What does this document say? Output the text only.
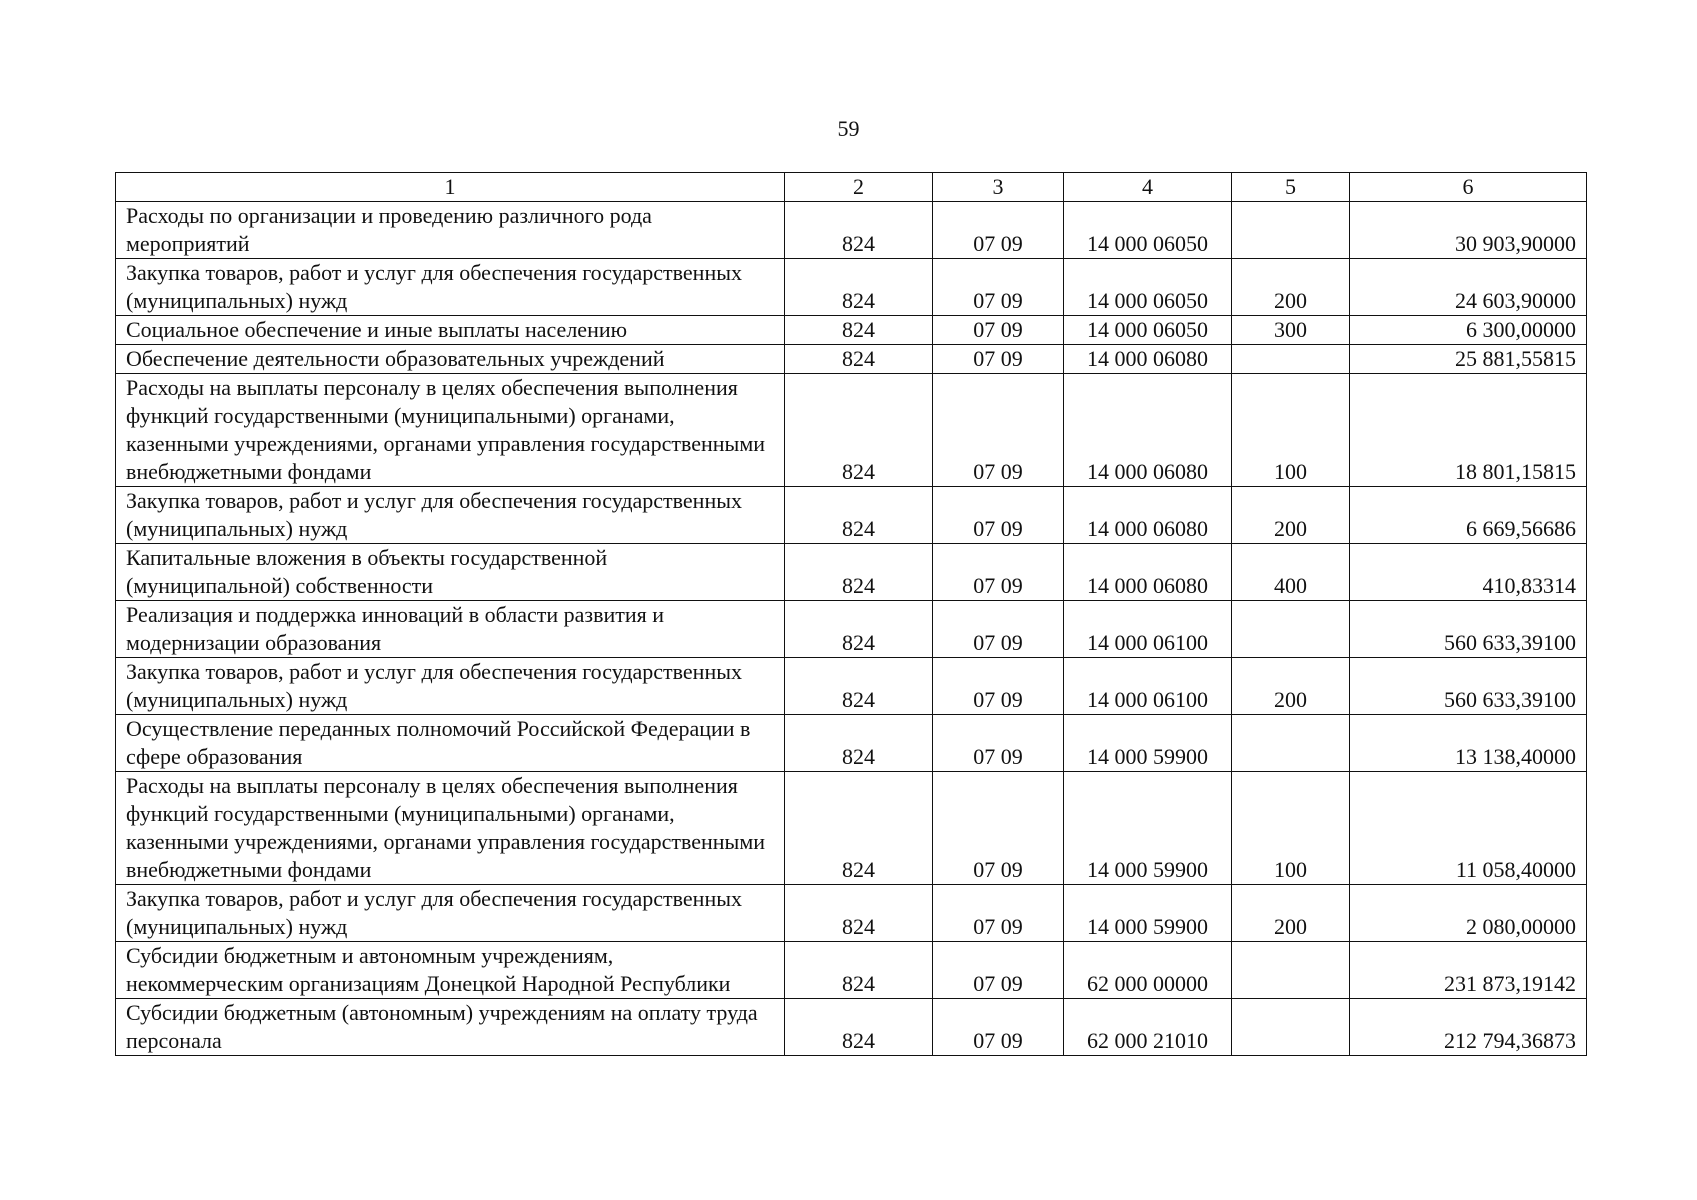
59
1	2	3	4	5	6
Расходы по организации и проведению различного рода мероприятий	824	07 09	14 000 06050		30 903,90000
Закупка товаров, работ и услуг для обеспечения государственных (муниципальных) нужд	824	07 09	14 000 06050	200	24 603,90000
Социальное обеспечение и иные выплаты населению	824	07 09	14 000 06050	300	6 300,00000
Обеспечение деятельности образовательных учреждений	824	07 09	14 000 06080		25 881,55815
Расходы на выплаты персоналу в целях обеспечения выполнения функций государственными (муниципальными) органами, казенными учреждениями, органами управления государственными внебюджетными фондами	824	07 09	14 000 06080	100	18 801,15815
Закупка товаров, работ и услуг для обеспечения государственных (муниципальных) нужд	824	07 09	14 000 06080	200	6 669,56686
Капитальные вложения в объекты государственной (муниципальной) собственности	824	07 09	14 000 06080	400	410,83314
Реализация и поддержка инноваций в области развития и модернизации образования	824	07 09	14 000 06100		560 633,39100
Закупка товаров, работ и услуг для обеспечения государственных (муниципальных) нужд	824	07 09	14 000 06100	200	560 633,39100
Осуществление переданных полномочий Российской Федерации в сфере образования	824	07 09	14 000 59900		13 138,40000
Расходы на выплаты персоналу в целях обеспечения выполнения функций государственными (муниципальными) органами, казенными учреждениями, органами управления государственными внебюджетными фондами	824	07 09	14 000 59900	100	11 058,40000
Закупка товаров, работ и услуг для обеспечения государственных (муниципальных) нужд	824	07 09	14 000 59900	200	2 080,00000
Субсидии бюджетным и автономным учреждениям, некоммерческим организациям Донецкой Народной Республики	824	07 09	62 000 00000		231 873,19142
Субсидии бюджетным (автономным) учреждениям на оплату труда персонала	824	07 09	62 000 21010		212 794,36873
